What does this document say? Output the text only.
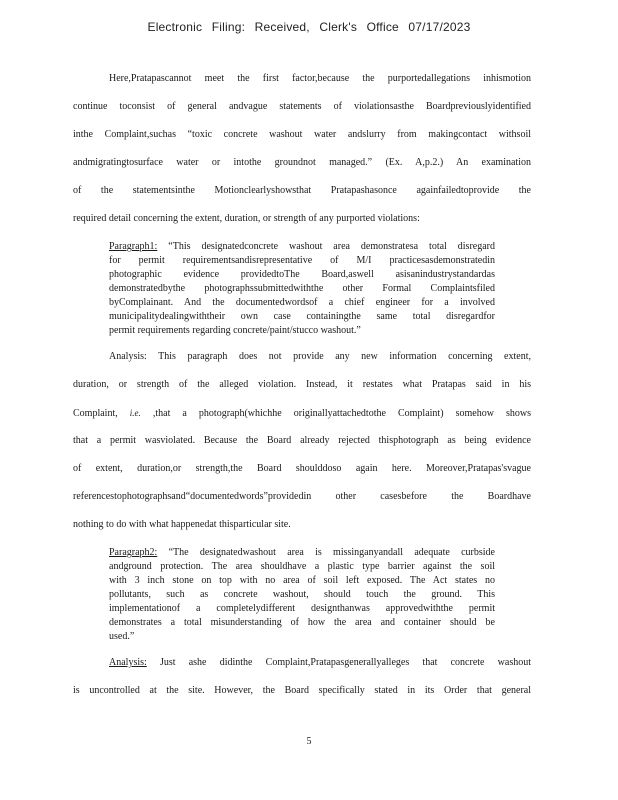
Electronic Filing: Received, Clerk's Office 07/17/2023
Here,Pratapascannot meet the first factor,because the purportedallegations inhismotion
continue toconsist of general andvague statements of violationsasthe Boardpreviouslyidentified
inthe Complaint,suchas “toxic concrete washout water andslurry from makingcontact withsoil
andmigratingtosurface water or intothe groundnot managed.” (Ex. A,p.2.) An examination
of the statementsinthe Motionclearlyshowsthat Pratapashasonce againfailedtoprovide the
required detail concerning the extent, duration, or strength of any purported violations:
Paragraph1: “This designatedconcrete washout area demonstratesa total disregard
for permit requirementsandisrepresentative of M/I practicesasdemonstratedin
photographic evidence providedtoThe Board,aswell asisanindustrystandardas
demonstratedbythe photographssubmittedwiththe other Formal Complaintsfiled
byComplainant. And the documentedwordsof a chief engineer for a involved
municipalitydealingwiththeir own case containingthe same total disregardfor
permit requirements regarding concrete/paint/stucco washout.”
Analysis: This paragraph does not provide any new information concerning extent,
duration, or strength of the alleged violation. Instead, it restates what Pratapas said in his
Complaint, i.e. ,that a photograph(whichhe originallyattachedtothe Complaint) somehow shows
that a permit wasviolated. Because the Board already rejected thisphotograph as being evidence
of extent, duration,or strength,the Board shoulddoso again here. Moreover,Pratapas'svague
referencestophotographsand“documentedwords”providedin other casesbefore the Boardhave
nothing to do with what happenedat thisparticular site.
Paragraph2: “The designatedwashout area is missinganyandall adequate curbside
andground protection. The area shouldhave a plastic type barrier against the soil
with 3 inch stone on top with no area of soil left exposed. The Act states no
pollutants, such as concrete washout, should touch the ground. This
implementationof a completelydifferent designthanwas approvedwiththe permit
demonstrates a total misunderstanding of how the area and container should be
used.”
Analysis: Just ashe didinthe Complaint,Pratapasgenerallyalleges that concrete washout
is uncontrolled at the site. However, the Board specifically stated in its Order that general
5
